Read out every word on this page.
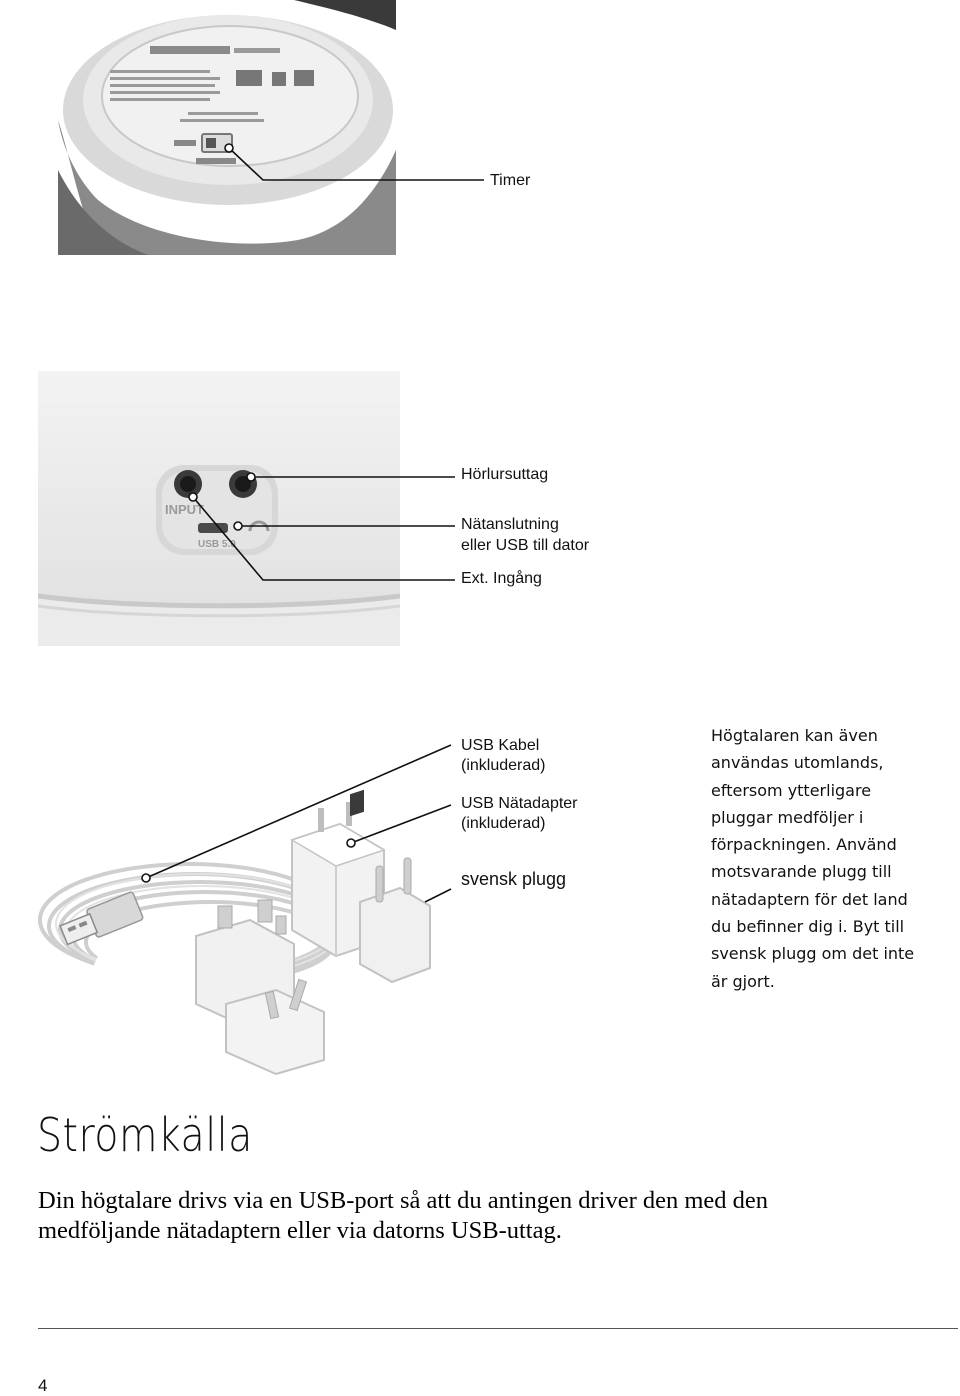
INPUT
USB 5.0
Timer
Hörlursuttag
Nätanslutning
eller USB till dator
Ext. Ingång
USB Kabel
(inkluderad)
USB Nätadapter
(inkluderad)
svensk plugg
Högtalaren kan även
användas utomlands,
eftersom ytterligare
pluggar medföljer i
förpackningen. Använd
motsvarande plugg till
nätadaptern för det land
du befinner dig i. Byt till
svensk plugg om det inte
är gjort.
Strömkälla
Din högtalare drivs via en USB-port så att du antingen driver den med den
medföljande nätadaptern eller via datorns USB-uttag.
4
